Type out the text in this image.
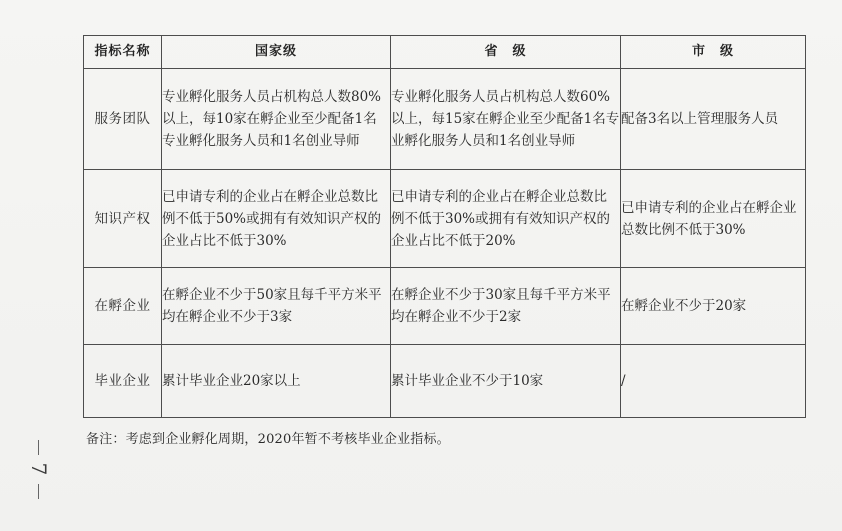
指标名称	国家级	省　级	市　级
服务团队	专业孵化服务人员占机构总人数80%以上，每10家在孵企业至少配备1名专业孵化服务人员和1名创业导师	专业孵化服务人员占机构总人数60%以上，每15家在孵企业至少配备1名专业孵化服务人员和1名创业导师	配备3名以上管理服务人员
知识产权	已申请专利的企业占在孵企业总数比例不低于50%或拥有有效知识产权的企业占比不低于30%	已申请专利的企业占在孵企业总数比例不低于30%或拥有有效知识产权的企业占比不低于20%	已申请专利的企业占在孵企业总数比例不低于30%
在孵企业	在孵企业不少于50家且每千平方米平均在孵企业不少于3家	在孵企业不少于30家且每千平方米平均在孵企业不少于2家	在孵企业不少于20家
毕业企业	累计毕业企业20家以上	累计毕业企业不少于10家	/
备注：考虑到企业孵化周期，2020年暂不考核毕业企业指标。
7
